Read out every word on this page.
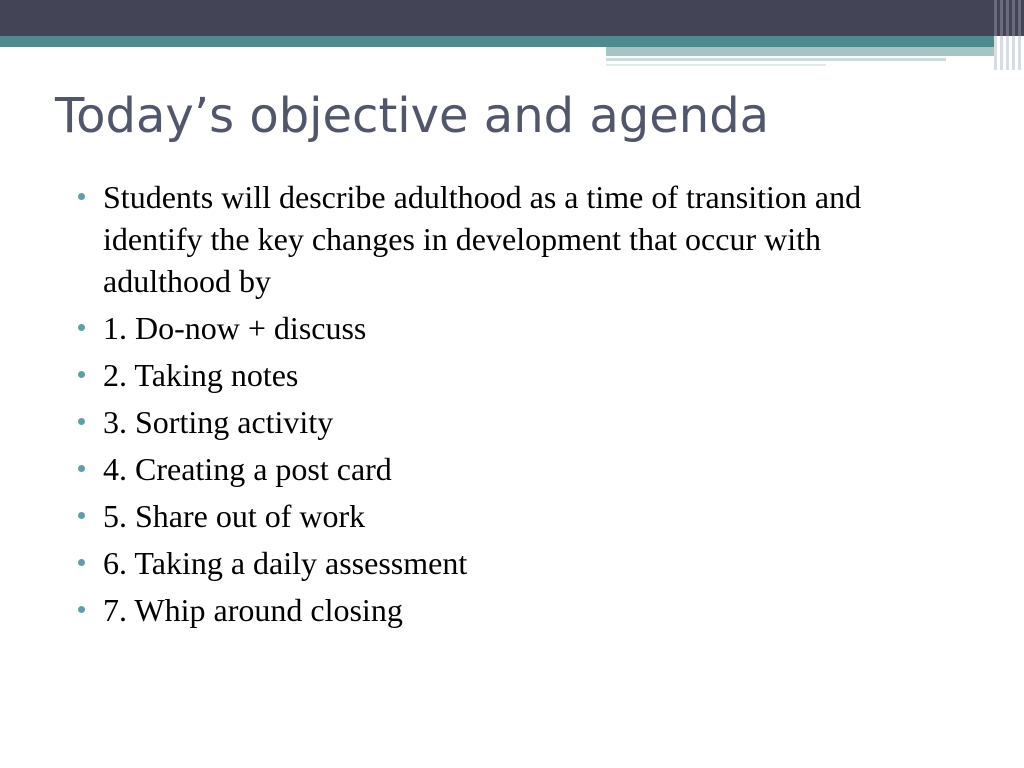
Today’s objective and agenda
Students will describe adulthood as a time of transition and identify the key changes in development that occur with adulthood by
1. Do-now + discuss
2. Taking notes
3. Sorting activity
4. Creating a post card
5. Share out of work
6. Taking a daily assessment
7. Whip around closing
